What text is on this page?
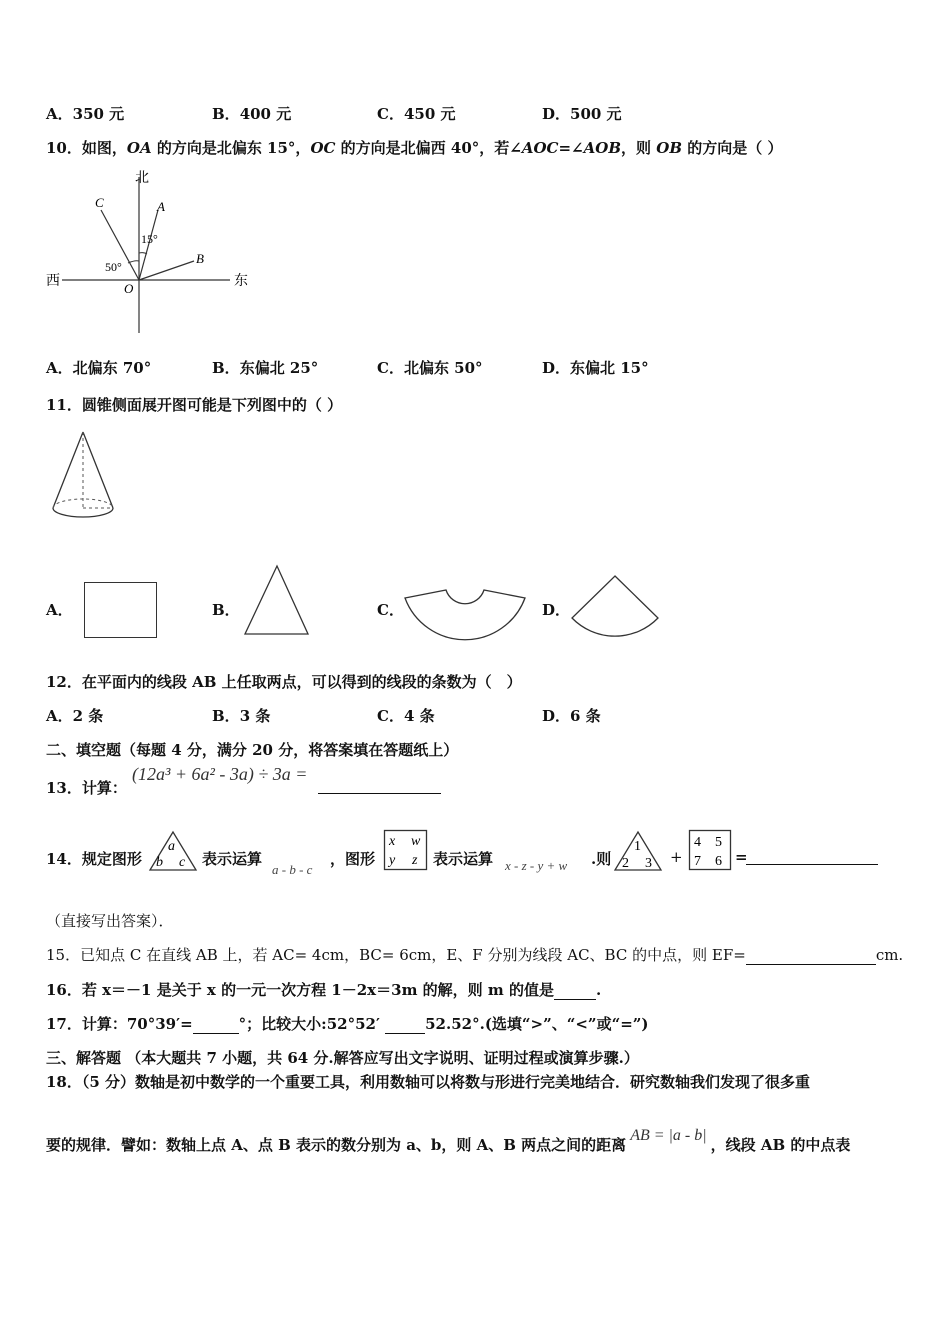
A．350 元	B．400 元	C．450 元	D．500 元
10．如图，OA 的方向是北偏东 15°，OC 的方向是北偏西 40°，若∠AOC=∠AOB，则 OB 的方向是（ ）
北
西	东
C	A
B
O
15°
50°
A．北偏东 70°	B．东偏北 25°	C．北偏东 50°	D．东偏北 15°
11．圆锥侧面展开图可能是下列图中的（ ）
A．	B．	C．	D．
12．在平面内的线段 AB 上任取两点，可以得到的线段的条数为（　）
A．2 条	B．3 条	C．4 条	D．6 条
二、填空题（每题 4 分，满分 20 分，将答案填在答题纸上）
13．计算：
(12a³ + 6a² - 3a) ÷ 3a =
14．规定图形
a
b c 表示运算
a - b - c
，图形
x w
y z 表示运算 x - z - y + w .则
1
2 3 +
4 5
7 6 =
（直接写出答案）．
15．已知点 C 在直线 AB 上，若 AC= 4cm，BC= 6cm，E、F 分别为线段 AC、BC 的中点，则 EF=	cm.
16．若 x＝－1 是关于 x 的一元一次方程 1－2x＝3m 的解，则 m 的值是	.
17．计算：70°39′=	°；比较大小:52°52′	52.52°.(选填“>”、“<”或“=”)
三、解答题 （本大题共 7 小题，共 64 分.解答应写出文字说明、证明过程或演算步骤.）
18．（5 分）数轴是初中数学的一个重要工具，利用数轴可以将数与形进行完美地结合．研究数轴我们发现了很多重
要的规律．譬如：数轴上点 A、点 B 表示的数分别为 a、b，则 A、B 两点之间的距离AB = |a - b|，线段 AB 的中点表
